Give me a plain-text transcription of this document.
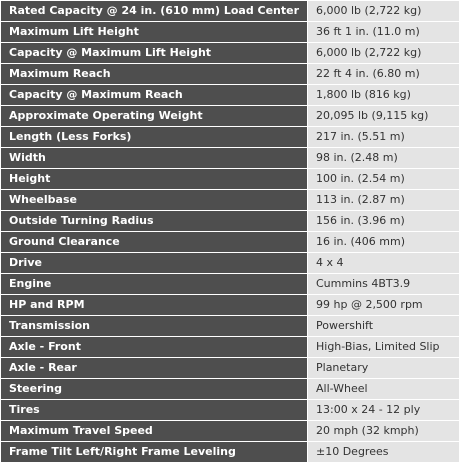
Rated Capacity @ 24 in. (610 mm) Load Center	6,000 lb (2,722 kg)
Maximum Lift Height	36 ft 1 in. (11.0 m)
Capacity @ Maximum Lift Height	6,000 lb (2,722 kg)
Maximum Reach	22 ft 4 in. (6.80 m)
Capacity @ Maximum Reach	1,800 lb (816 kg)
Approximate Operating Weight	20,095 lb (9,115 kg)
Length (Less Forks)	217 in. (5.51 m)
Width	98 in. (2.48 m)
Height	100 in. (2.54 m)
Wheelbase	113 in. (2.87 m)
Outside Turning Radius	156 in. (3.96 m)
Ground Clearance	16 in. (406 mm)
Drive	4 x 4
Engine	Cummins 4BT3.9
HP and RPM	99 hp @ 2,500 rpm
Transmission	Powershift
Axle - Front	High-Bias, Limited Slip
Axle - Rear	Planetary
Steering	All-Wheel
Tires	13:00 x 24 - 12 ply
Maximum Travel Speed	20 mph (32 kmph)
Frame Tilt Left/Right Frame Leveling	±10 Degrees
